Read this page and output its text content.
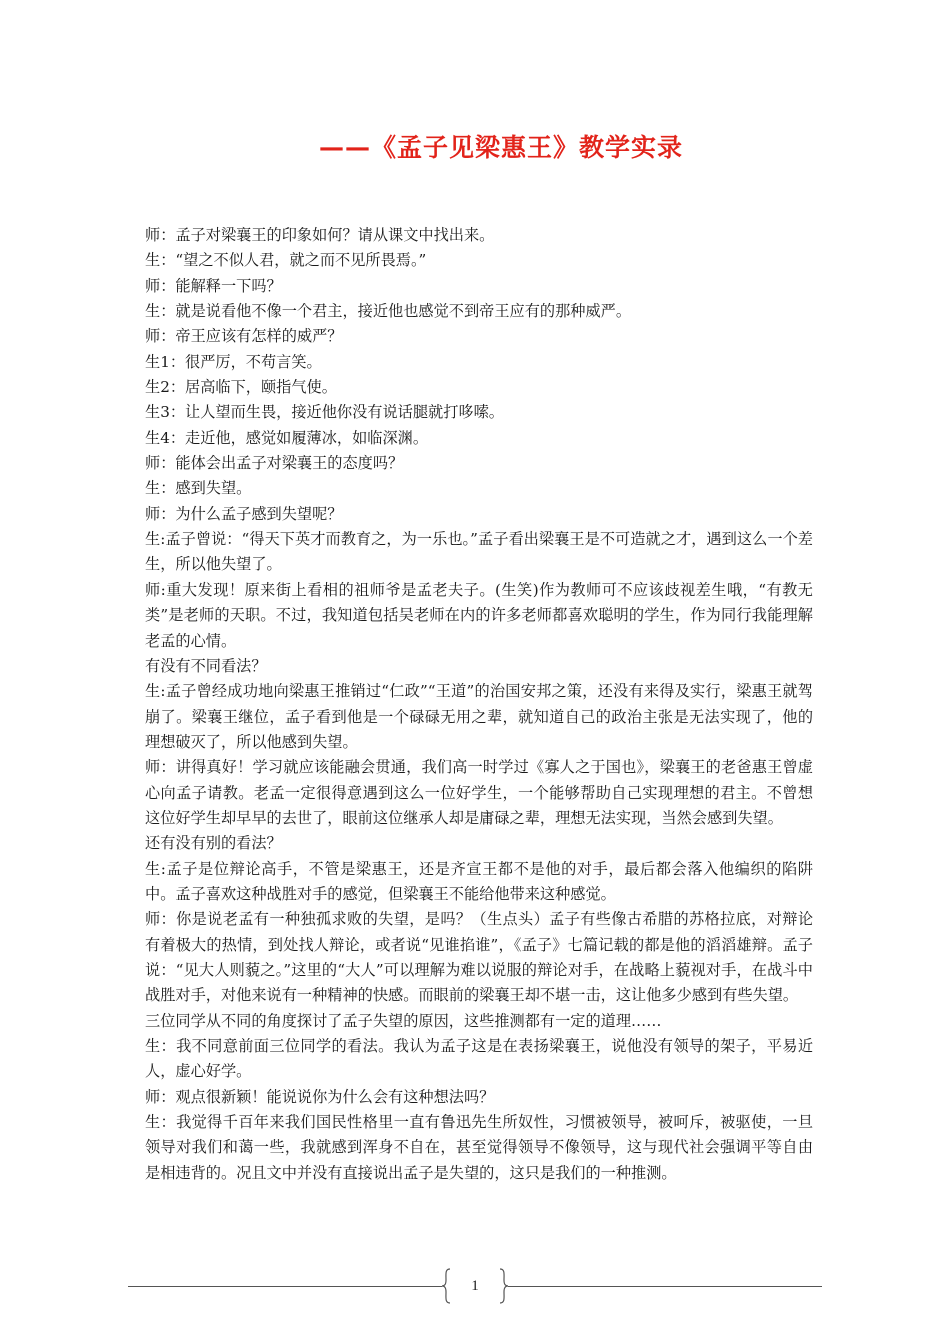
——《孟子见梁惠王》教学实录

师：孟子对梁襄王的印象如何？请从课文中找出来。

生：“望之不似人君，就之而不见所畏焉。”

师：能解释一下吗？

生：就是说看他不像一个君主，接近他也感觉不到帝王应有的那种威严。

师：帝王应该有怎样的威严？

生1：很严厉，不苟言笑。

生2：居高临下，颐指气使。

生3：让人望而生畏，接近他你没有说话腿就打哆嗦。

生4：走近他，感觉如履薄冰，如临深渊。

师：能体会出孟子对梁襄王的态度吗？

生：感到失望。

师：为什么孟子感到失望呢？

生:孟子曾说：“得天下英才而教育之，为一乐也。”孟子看出梁襄王是不可造就之才，遇到这么一个差生，所以他失望了。

师:重大发现！原来街上看相的祖师爷是孟老夫子。(生笑)作为教师可不应该歧视差生哦，“有教无类”是老师的天职。不过，我知道包括吴老师在内的许多老师都喜欢聪明的学生，作为同行我能理解老孟的心情。

有没有不同看法？

生:孟子曾经成功地向梁惠王推销过“仁政”“王道”的治国安邦之策，还没有来得及实行，梁惠王就驾崩了。梁襄王继位，孟子看到他是一个碌碌无用之辈，就知道自己的政治主张是无法实现了，他的理想破灭了，所以他感到失望。

师：讲得真好！学习就应该能融会贯通，我们高一时学过《寡人之于国也》，梁襄王的老爸惠王曾虚心向孟子请教。老孟一定很得意遇到这么一位好学生，一个能够帮助自己实现理想的君主。不曾想这位好学生却早早的去世了，眼前这位继承人却是庸碌之辈，理想无法实现，当然会感到失望。

还有没有别的看法？

生:孟子是位辩论高手，不管是梁惠王，还是齐宣王都不是他的对手，最后都会落入他编织的陷阱中。孟子喜欢这种战胜对手的感觉，但梁襄王不能给他带来这种感觉。

师：你是说老孟有一种独孤求败的失望，是吗？（生点头）孟子有些像古希腊的苏格拉底，对辩论有着极大的热情，到处找人辩论，或者说“见谁掐谁”，《孟子》七篇记载的都是他的滔滔雄辩。孟子说：“见大人则藐之。”这里的“大人”可以理解为难以说服的辩论对手，在战略上藐视对手，在战斗中战胜对手，对他来说有一种精神的快感。而眼前的梁襄王却不堪一击，这让他多少感到有些失望。

三位同学从不同的角度探讨了孟子失望的原因，这些推测都有一定的道理……

生：我不同意前面三位同学的看法。我认为孟子这是在表扬梁襄王，说他没有领导的架子，平易近人，虚心好学。

师：观点很新颖！能说说你为什么会有这种想法吗？

生：我觉得千百年来我们国民性格里一直有鲁迅先生所奴性，习惯被领导，被呵斥，被驱使，一旦领导对我们和蔼一些，我就感到浑身不自在，甚至觉得领导不像领导，这与现代社会强调平等自由是相违背的。况且文中并没有直接说出孟子是失望的，这只是我们的一种推测。

1
